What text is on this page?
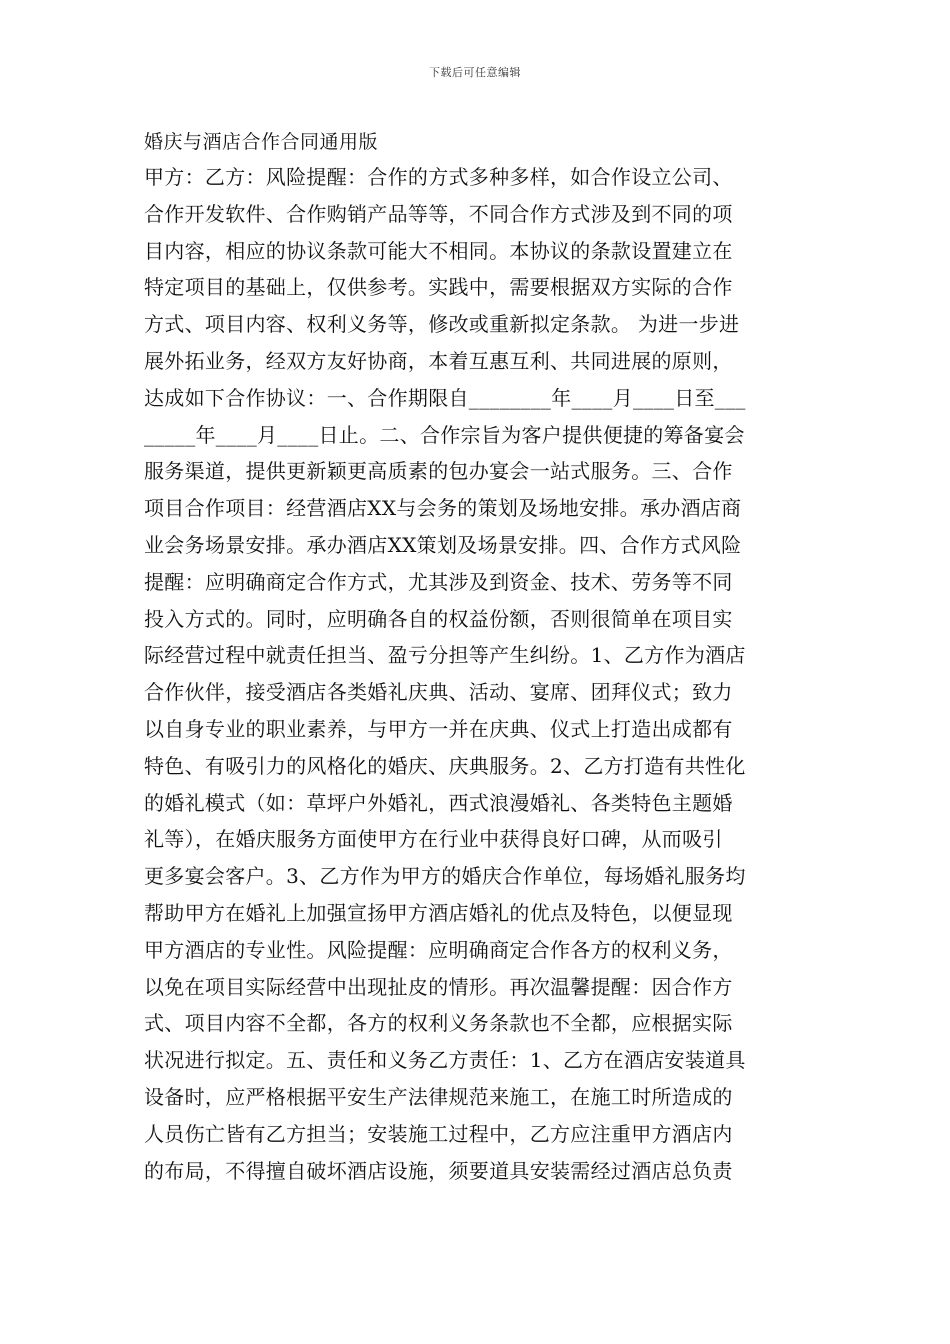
下载后可任意编辑
婚庆与酒店合作合同通用版
甲方：乙方：风险提醒：合作的方式多种多样，如合作设立公司、
合作开发软件、合作购销产品等等，不同合作方式涉及到不同的项
目内容，相应的协议条款可能大不相同。本协议的条款设置建立在
特定项目的基础上，仅供参考。实践中，需要根据双方实际的合作
方式、项目内容、权利义务等，修改或重新拟定条款。 为进一步进
展外拓业务，经双方友好协商，本着互惠互利、共同进展的原则，
达成如下合作协议：一、合作期限自________年____月____日至___
_____年____月____日止。二、合作宗旨为客户提供便捷的筹备宴会
服务渠道，提供更新颖更高质素的包办宴会一站式服务。三、合作
项目合作项目：经营酒店XX与会务的策划及场地安排。承办酒店商
业会务场景安排。承办酒店XX策划及场景安排。四、合作方式风险
提醒：应明确商定合作方式，尤其涉及到资金、技术、劳务等不同
投入方式的。同时，应明确各自的权益份额，否则很简单在项目实
际经营过程中就责任担当、盈亏分担等产生纠纷。1、乙方作为酒店
合作伙伴，接受酒店各类婚礼庆典、活动、宴席、团拜仪式；致力
以自身专业的职业素养，与甲方一并在庆典、仪式上打造出成都有
特色、有吸引力的风格化的婚庆、庆典服务。2、乙方打造有共性化
的婚礼模式（如：草坪户外婚礼，西式浪漫婚礼、各类特色主题婚
礼等），在婚庆服务方面使甲方在行业中获得良好口碑，从而吸引
更多宴会客户。3、乙方作为甲方的婚庆合作单位，每场婚礼服务均
帮助甲方在婚礼上加强宣扬甲方酒店婚礼的优点及特色，以便显现
甲方酒店的专业性。风险提醒：应明确商定合作各方的权利义务，
以免在项目实际经营中出现扯皮的情形。再次温馨提醒：因合作方
式、项目内容不全都，各方的权利义务条款也不全都，应根据实际
状况进行拟定。五、责任和义务乙方责任：1、乙方在酒店安装道具
设备时，应严格根据平安生产法律规范来施工，在施工时所造成的
人员伤亡皆有乙方担当；安装施工过程中，乙方应注重甲方酒店内
的布局，不得擅自破坏酒店设施，须要道具安装需经过酒店总负责
